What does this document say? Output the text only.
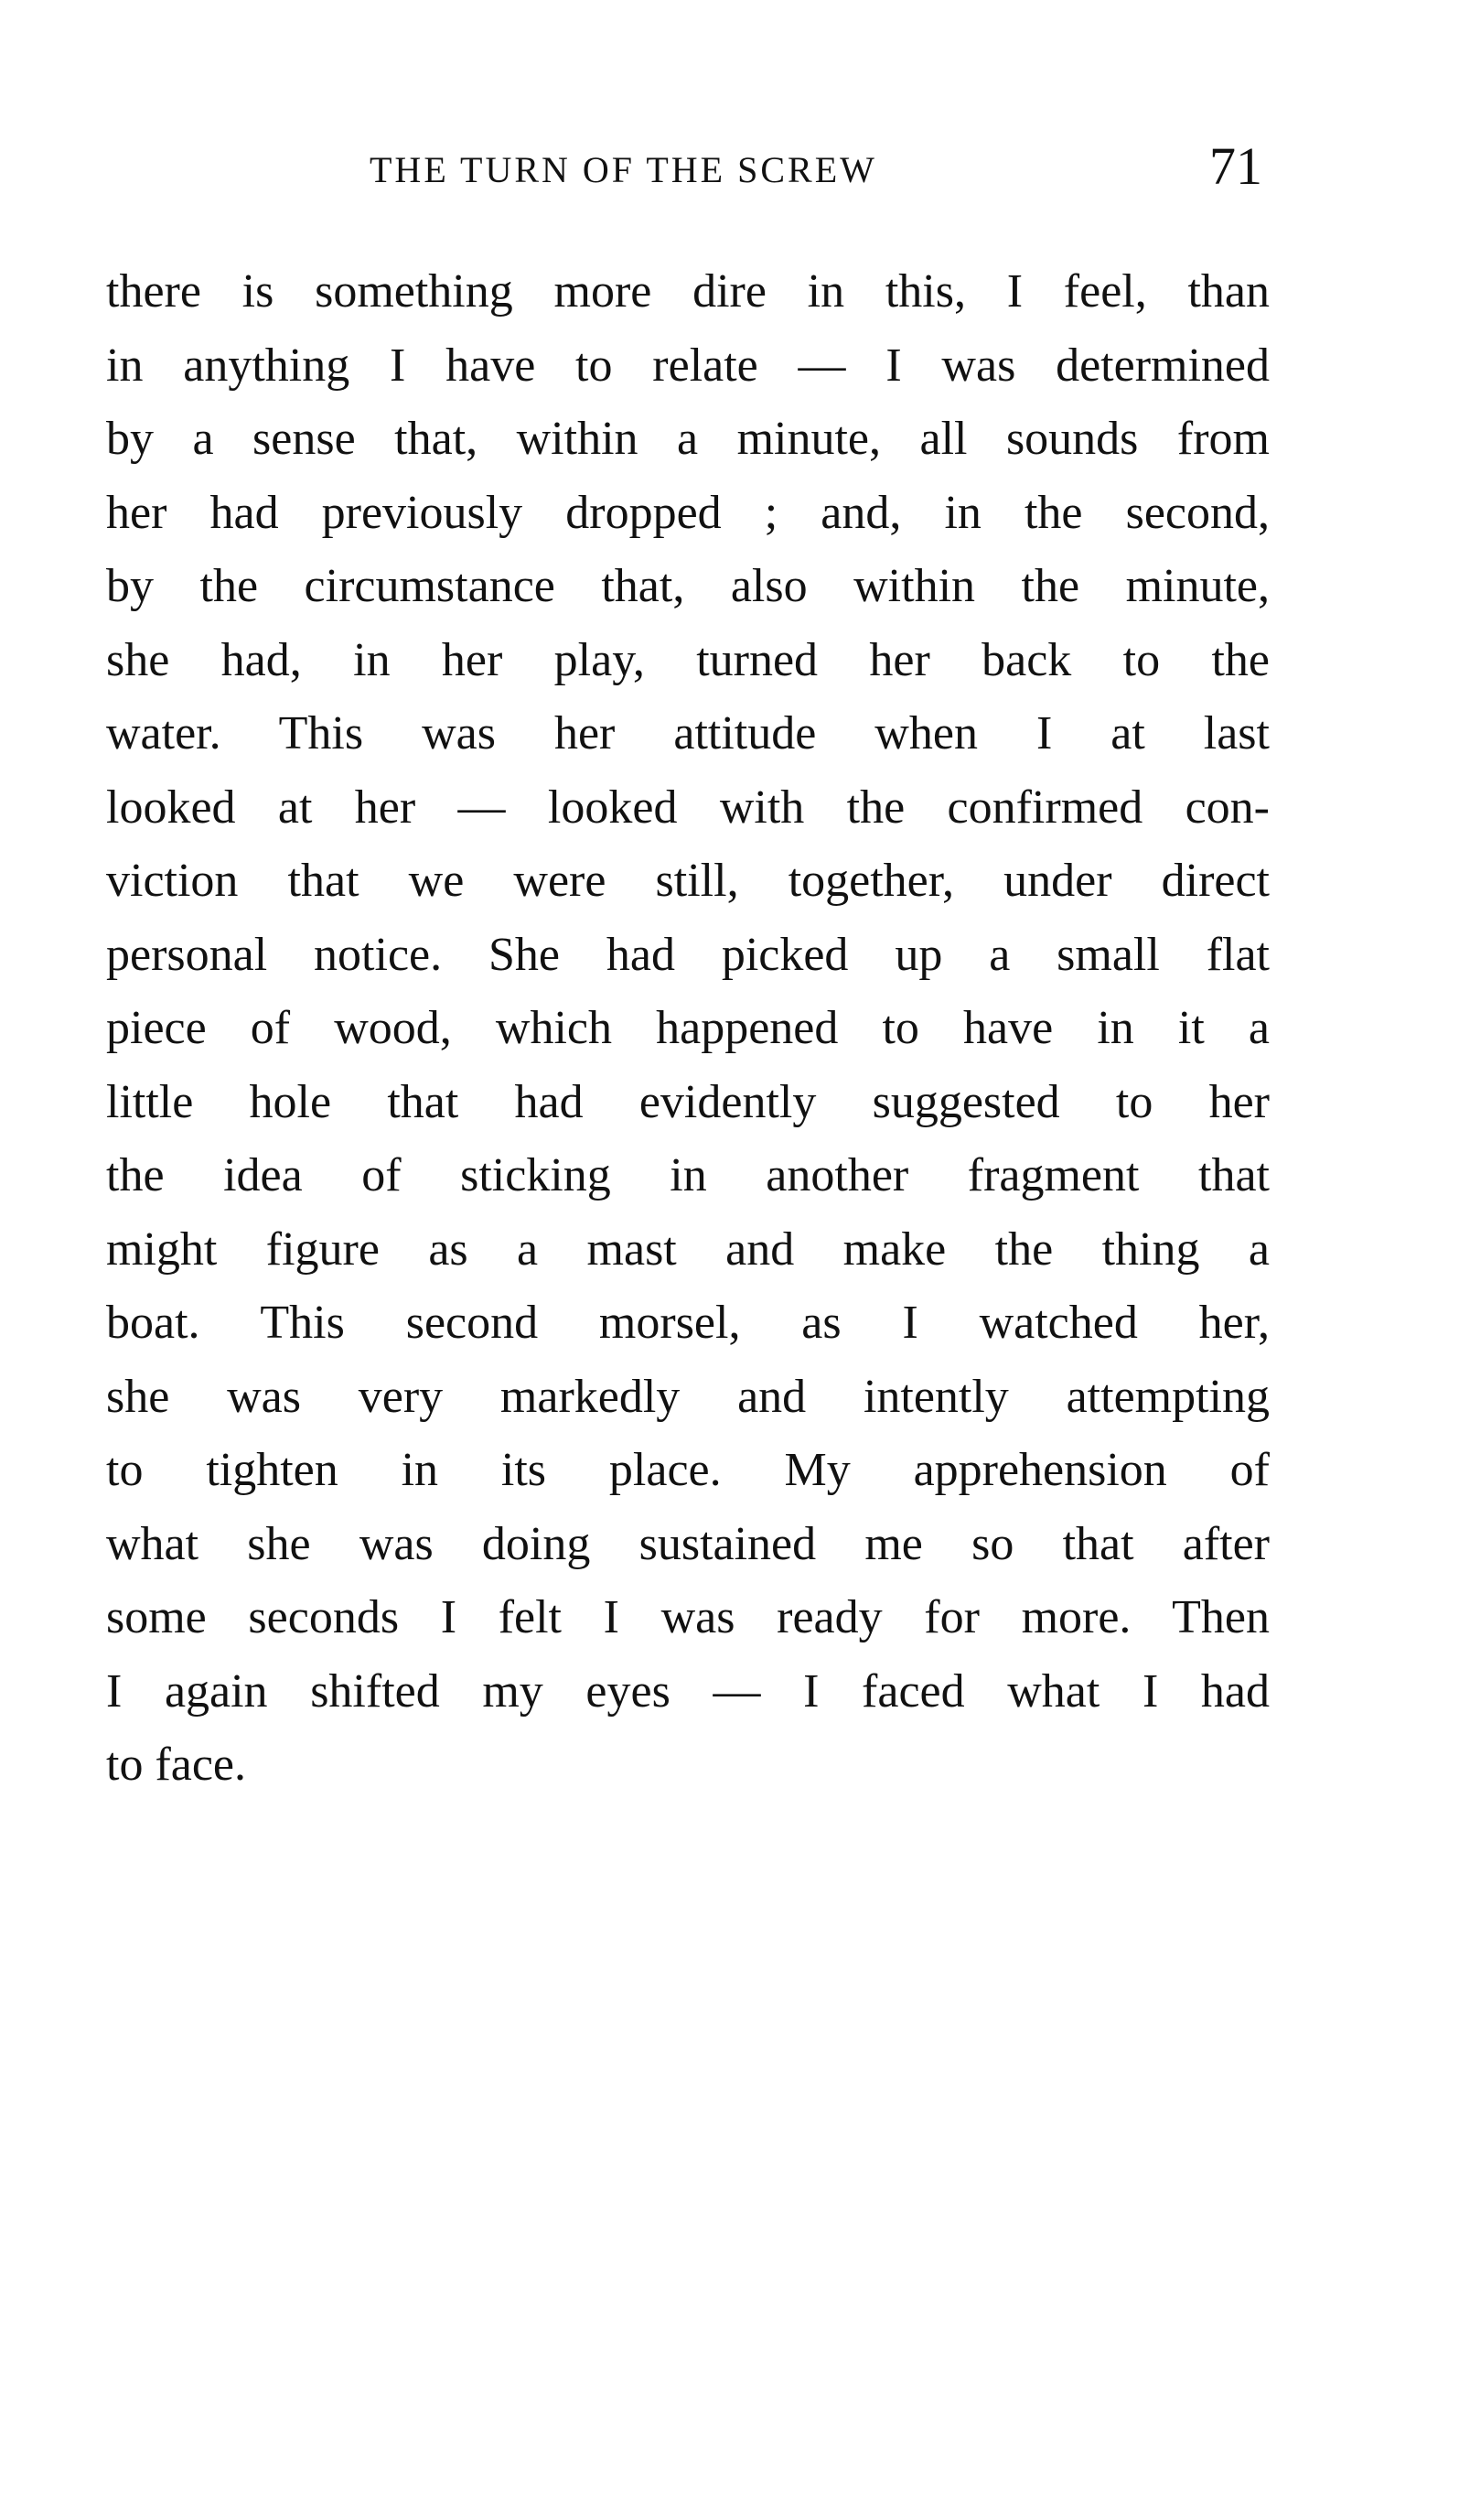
THE TURN OF THE SCREW	71
there is something more dire in this, I feel, than
in anything I have to relate — I was determined
by a sense that, within a minute, all sounds from
her had previously dropped ; and, in the second,
by the circumstance that, also within the minute,
she had, in her play, turned her back to the
water. This was her attitude when I at last
looked at her — looked with the confirmed con-
viction that we were still, together, under direct
personal notice. She had picked up a small flat
piece of wood, which happened to have in it a
little hole that had evidently suggested to her
the idea of sticking in another fragment that
might figure as a mast and make the thing a
boat. This second morsel, as I watched her,
she was very markedly and intently attempting
to tighten in its place. My apprehension of
what she was doing sustained me so that after
some seconds I felt I was ready for more. Then
I again shifted my eyes — I faced what I had
to face.
